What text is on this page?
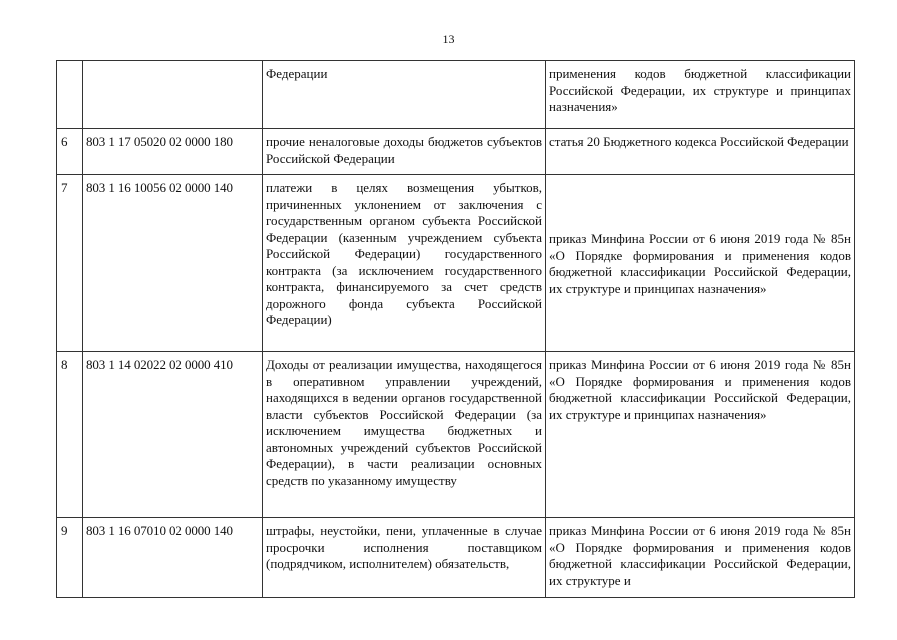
13
		Федерации	применения кодов бюджетной классификации Российской Федерации, их структуре и принципах назначения»
6	803 1 17 05020 02 0000 180	прочие неналоговые доходы бюджетов субъектов Российской Федерации	статья 20 Бюджетного кодекса Российской Федерации
7	803 1 16 10056 02 0000 140	платежи в целях возмещения убытков, причиненных уклонением от заключения с государственным органом субъекта Российской Федерации (казенным учреждением субъекта Российской Федерации) государственного контракта (за исключением государственного контракта, финансируемого за счет средств дорожного фонда субъекта Российской Федерации)	приказ Минфина России от 6 июня 2019 года № 85н «О Порядке формирования и применения кодов бюджетной классификации Российской Федерации, их структуре и принципах назначения»
8	803 1 14 02022 02 0000 410	Доходы от реализации имущества, находящегося в оперативном управлении учреждений, находящихся в ведении органов государственной власти субъектов Российской Федерации (за исключением имущества бюджетных и автономных учреждений субъектов Российской Федерации), в части реализации основных средств по указанному имуществу	приказ Минфина России от 6 июня 2019 года № 85н «О Порядке формирования и применения кодов бюджетной классификации Российской Федерации, их структуре и принципах назначения»
9	803 1 16 07010 02 0000 140	штрафы, неустойки, пени, уплаченные в случае просрочки исполнения поставщиком (подрядчиком, исполнителем) обязательств,	приказ Минфина России от 6 июня 2019 года № 85н «О Порядке формирования и применения кодов бюджетной классификации Российской Федерации, их структуре и
